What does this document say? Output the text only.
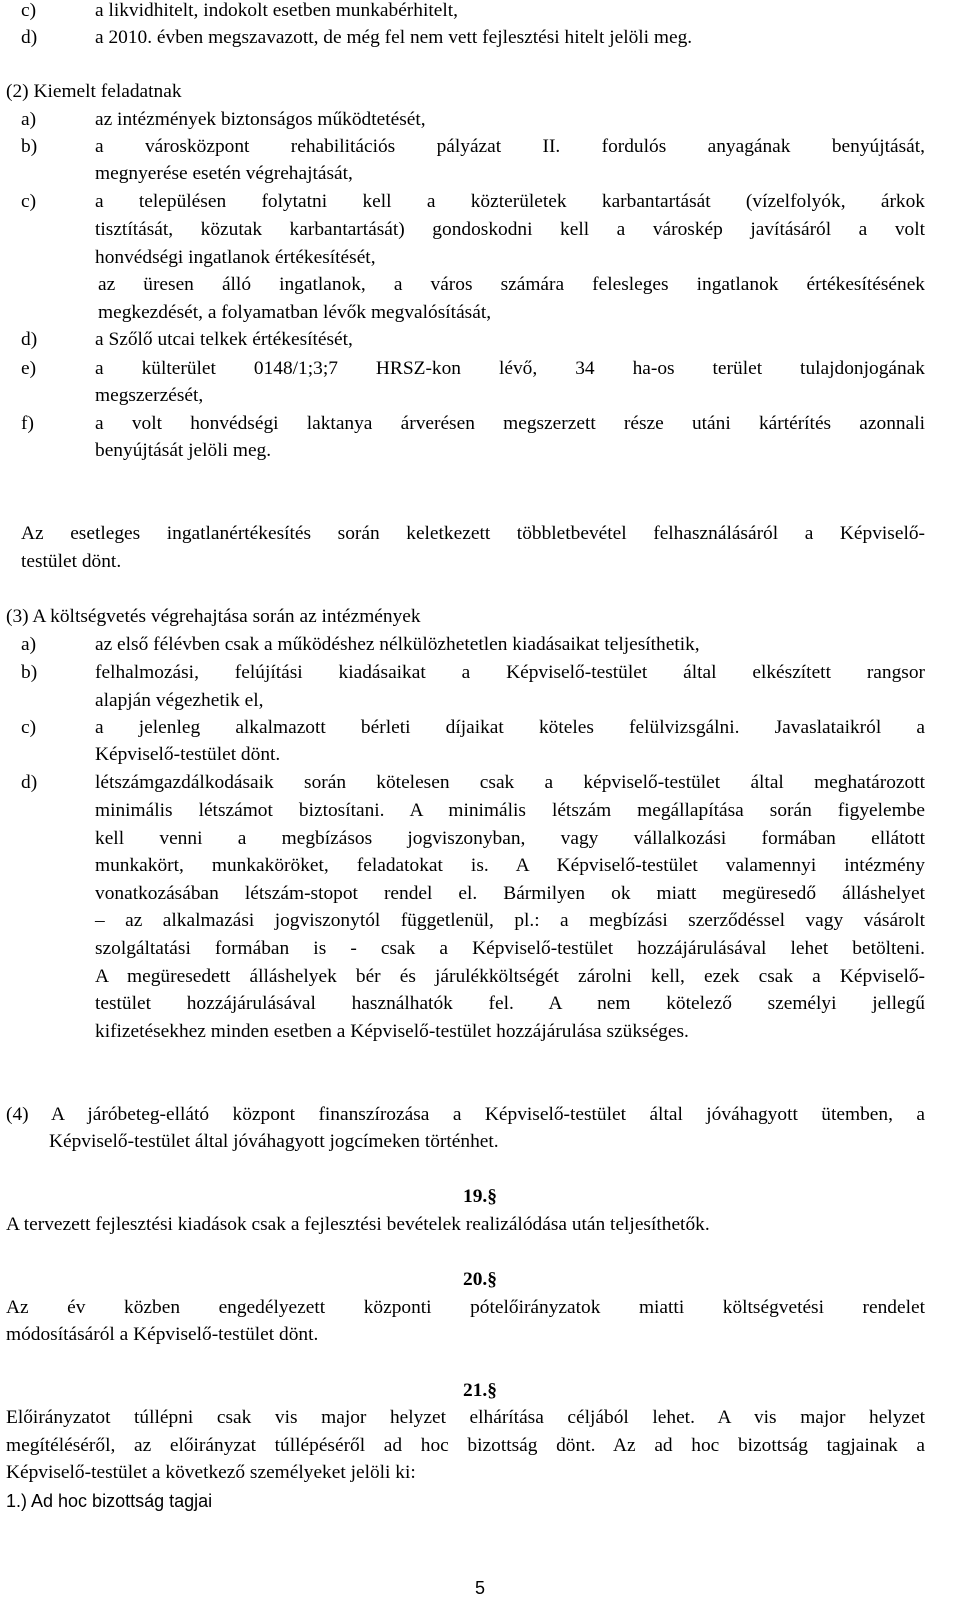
c)	a likvidhitelt, indokolt esetben munkabérhitelt,
d)	a 2010. évben megszavazott, de még fel nem vett fejlesztési hitelt jelöli meg.
(2) Kiemelt feladatnak
a)	az intézmények biztonságos működtetését,
b)	a városközpont rehabilitációs pályázat II. fordulós anyagának benyújtását,
megnyerése esetén végrehajtását,
c)	a településen folytatni kell a közterületek karbantartását (vízelfolyók, árkok
tisztítását, közutak karbantartását) gondoskodni kell a városkép javításáról a volt
honvédségi ingatlanok értékesítését,
az üresen álló ingatlanok, a város számára felesleges ingatlanok értékesítésének
megkezdését, a folyamatban lévők megvalósítását,
d)	a Szőlő utcai telkek értékesítését,
e)	a külterület 0148/1;3;7 HRSZ-kon lévő, 34 ha-os terület tulajdonjogának
megszerzését,
f)	a volt honvédségi laktanya árverésen megszerzett része utáni kártérítés azonnali
benyújtását jelöli meg.
Az esetleges ingatlanértékesítés során keletkezett többletbevétel felhasználásáról a Képviselő-
testület dönt.
(3) A költségvetés végrehajtása során az intézmények
a)	az első félévben csak a működéshez nélkülözhetetlen kiadásaikat teljesíthetik,
b)	felhalmozási, felújítási kiadásaikat a Képviselő-testület által elkészített rangsor
alapján végezhetik el,
c)	a jelenleg alkalmazott bérleti díjaikat köteles felülvizsgálni. Javaslataikról a
Képviselő-testület dönt.
d)	létszámgazdálkodásaik során kötelesen csak a képviselő-testület által meghatározott
minimális létszámot biztosítani. A minimális létszám megállapítása során figyelembe
kell venni a megbízásos jogviszonyban, vagy vállalkozási formában ellátott
munkakört, munkaköröket, feladatokat is. A Képviselő-testület valamennyi intézmény
vonatkozásában létszám-stopot rendel el. Bármilyen ok miatt megüresedő álláshelyet
– az alkalmazási jogviszonytól függetlenül, pl.: a megbízási szerződéssel vagy vásárolt
szolgáltatási formában is - csak a Képviselő-testület hozzájárulásával lehet betölteni.
A megüresedett álláshelyek bér és járulékköltségét zárolni kell, ezek csak a Képviselő-
testület hozzájárulásával használhatók fel. A nem kötelező személyi jellegű
kifizetésekhez minden esetben a Képviselő-testület hozzájárulása szükséges.
(4) A járóbeteg-ellátó központ finanszírozása a Képviselő-testület által jóváhagyott ütemben, a
Képviselő-testület által jóváhagyott jogcímeken történhet.
19.§
A tervezett fejlesztési kiadások csak a fejlesztési bevételek realizálódása után teljesíthetők.
20.§
Az év közben engedélyezett központi pótelőirányzatok miatti költségvetési rendelet
módosításáról a Képviselő-testület dönt.
21.§
Előirányzatot túllépni csak vis major helyzet elhárítása céljából lehet. A vis major helyzet
megítéléséről, az előirányzat túllépéséről ad hoc bizottság dönt. Az ad hoc bizottság tagjainak a
Képviselő-testület a következő személyeket jelöli ki:
1.) Ad hoc bizottság tagjai
5
